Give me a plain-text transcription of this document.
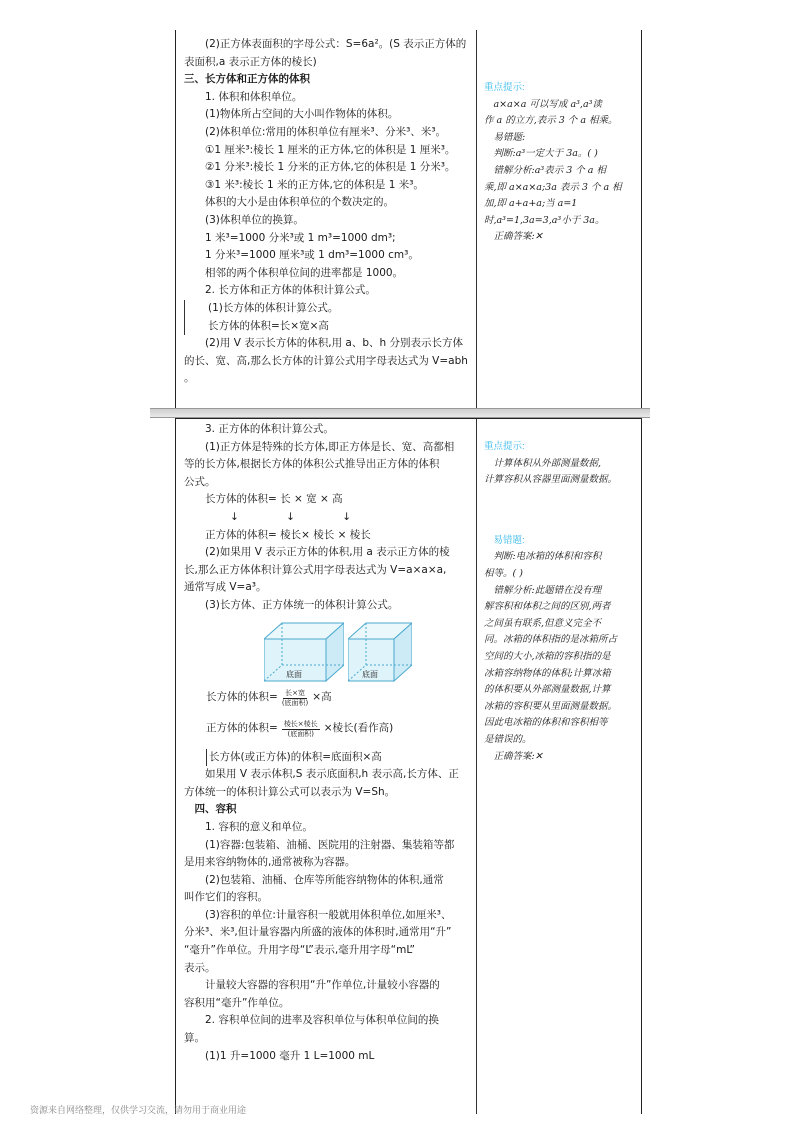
(2)正方体表面积的字母公式：S=6a²。(S 表示正方体的

表面积,a 表示正方体的棱长)

三、长方体和正方体的体积

1. 体积和体积单位。

(1)物体所占空间的大小叫作物体的体积。

(2)体积单位:常用的体积单位有厘米³、分米³、米³。

①1 厘米³:棱长 1 厘米的正方体,它的体积是 1 厘米³。

②1 分米³:棱长 1 分米的正方体,它的体积是 1 分米³。

③1 米³:棱长 1 米的正方体,它的体积是 1 米³。

体积的大小是由体积单位的个数决定的。

(3)体积单位的换算。

1 米³=1000 分米³或 1 m³=1000 dm³;

1 分米³=1000 厘米³或 1 dm³=1000 cm³。

相邻的两个体积单位间的进率都是 1000。

2. 长方体和正方体的体积计算公式。

(1)长方体的体积计算公式。

长方体的体积=长×宽×高

(2)用 V 表示长方体的体积,用 a、b、h 分别表示长方体

的长、宽、高,那么长方体的计算公式用字母表达式为 V=abh

。

重点提示:

a×a×a 可以写成 a³,a³读

作 a 的立方,表示 3 个 a 相乘。

易错题:

判断:a³一定大于 3a。( )

错解分析:a³表示 3 个 a 相

乘,即 a×a×a;3a 表示 3 个 a 相

加,即 a+a+a;当 a=1

时,a³=1,3a=3,a³小于 3a。

正确答案:✕

3. 正方体的体积计算公式。

(1)正方体是特殊的长方体,即正方体是长、宽、高都相

等的长方体,根据长方体的体积公式推导出正方体的体积

公式。

长方体的体积= 长 × 宽 × 高

↓ ↓ ↓

正方体的体积= 棱长× 棱长 × 棱长

(2)如果用 V 表示正方体的体积,用 a 表示正方体的棱

长,那么正方体体积计算公式用字母表达式为 V=a×a×a,

通常写成 V=a³。

(3)长方体、正方体统一的体积计算公式。

底面	底面
长方体的体积= $\frac{\text{长×宽}}{\text{(底面积)}}$ ×高
正方体的体积= $\frac{\text{棱长×棱长}}{\text{(底面积)}}$ ×棱长(看作高)

长方体(或正方体)的体积=底面积×高

如果用 V 表示体积,S 表示底面积,h 表示高,长方体、正

方体统一的体积计算公式可以表示为 V=Sh。

四、容积

1. 容积的意义和单位。

(1)容器:包装箱、油桶、医院用的注射器、集装箱等都

是用来容纳物体的,通常被称为容器。

(2)包装箱、油桶、仓库等所能容纳物体的体积,通常

叫作它们的容积。

(3)容积的单位:计量容积一般就用体积单位,如厘米³、

分米³、米³,但计量容器内所盛的液体的体积时,通常用“升”

“毫升”作单位。升用字母“L”表示,毫升用字母“mL”

表示。

计量较大容器的容积用“升”作单位,计量较小容器的

容积用“毫升”作单位。

2. 容积单位间的进率及容积单位与体积单位间的换

算。

(1)1 升=1000 毫升 1 L=1000 mL

重点提示:

计算体积从外部测量数据,

计算容积从容器里面测量数据。

易错题:

判断:电冰箱的体积和容积

相等。( )

错解分析:此题错在没有理

解容积和体积之间的区别,两者

之间虽有联系,但意义完全不

同。冰箱的体积指的是冰箱所占

空间的大小,冰箱的容积指的是

冰箱容纳物体的体积;计算冰箱

的体积要从外部测量数据,计算

冰箱的容积要从里面测量数据。

因此电冰箱的体积和容积相等

是错误的。

正确答案:✕

资源来自网络整理，仅供学习交流，请勿用于商业用途
